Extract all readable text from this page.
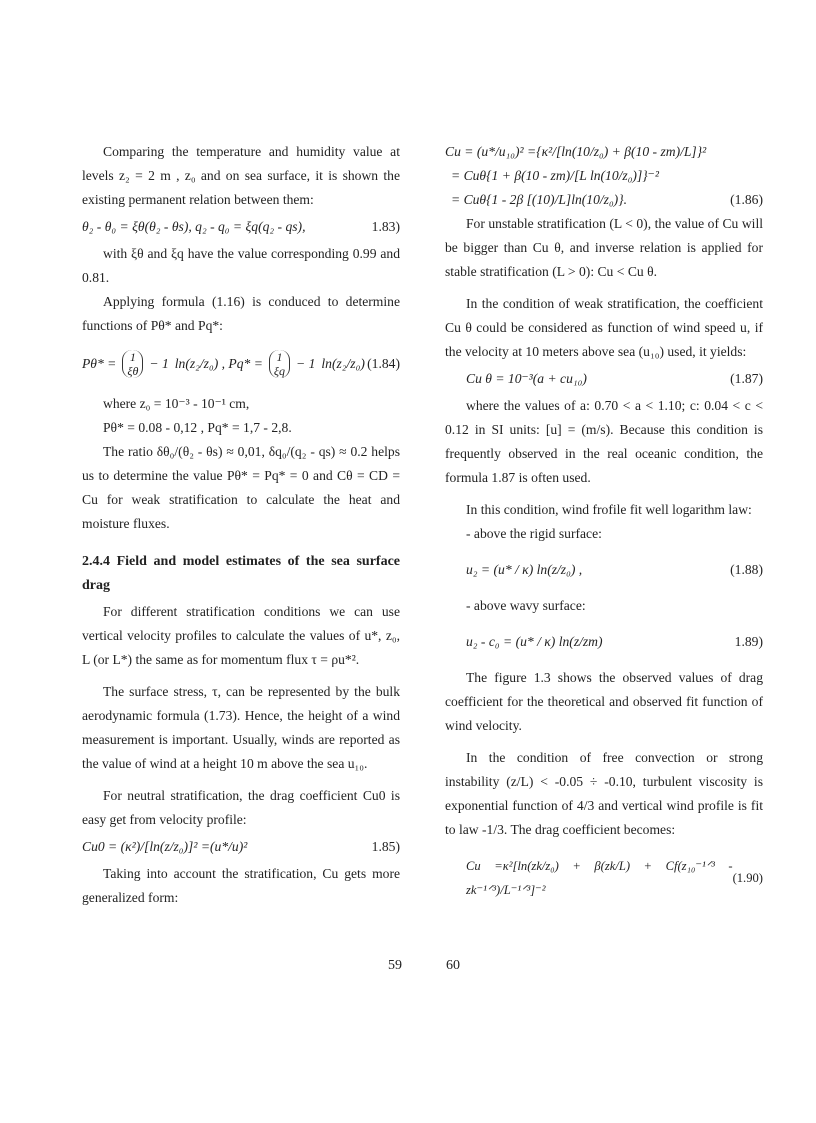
Comparing the temperature and humidity value at levels z₂ = 2 m , z₀ and on sea surface, it is shown the existing permanent relation between them:

θ₂ - θ₀ = ξθ(θ₂ - θs), q₂ - q₀ = ξq(q₂ - qs),	1.83)

with ξθ and ξq have the value corresponding 0.99 and 0.81.

Applying formula (1.16) is conduced to determine functions of Pθ* and Pq*:

Pθ* = 1
ξθ − 1 ln(z₂/z₀) , Pq* = 1
ξq − 1 ln(z₂/z₀) (1.84)

where z₀ = 10⁻³ - 10⁻¹ cm,

Pθ* = 0.08 - 0,12 , Pq* = 1,7 - 2,8.

The ratio δθ₀/(θ₂ - θs) ≈ 0,01, δq₀/(q₂ - qs) ≈ 0.2 helps us to determine the value Pθ* = Pq* = 0 and Cθ = CD = Cu for weak stratification to calculate the heat and moisture fluxes.

2.4.4 Field and model estimates of the sea surface drag

For different stratification conditions we can use vertical velocity profiles to calculate the values of u*, z₀, L (or L*) the same as for momentum flux τ = ρu*².

The surface stress, τ, can be represented by the bulk aerodynamic formula (1.73). Hence, the height of a wind measurement is important. Usually, winds are reported as the value of wind at a height 10 m above the sea u₁₀.

For neutral stratification, the drag coefficient Cu0 is easy get from velocity profile:

Cu0 = (κ²)/[ln(z/z₀)]² =(u*/u)²	1.85)

Taking into account the stratification, Cu gets more generalized form:

Cu = (u*/u₁₀)² ={κ²/[ln(10/z₀) + β(10 - zm)/L]}²
= Cuθ{1 + β(10 - zm)/[L ln(10/z₀)]}⁻²
= Cuθ{1 - 2β [(10)/L]ln(10/z₀)}.	(1.86)

For unstable stratification (L < 0), the value of Cu will be bigger than Cu θ, and inverse relation is applied for stable stratification (L > 0): Cu < Cu θ.

In the condition of weak stratification, the coefficient Cu θ could be considered as function of wind speed u, if the velocity at 10 meters above sea (u₁₀) used, it yields:

Cu θ = 10⁻³(a + cu₁₀)	(1.87)

where the values of a: 0.70 < a < 1.10; c: 0.04 < c < 0.12 in SI units: [u] = (m/s). Because this condition is frequently observed in the real oceanic condition, the formula 1.87 is often used.

In this condition, wind frofile fit well logarithm law:

- above the rigid surface:

u₂ = (u* / κ) ln(z/z₀) ,	(1.88)

- above wavy surface:

u₂ - c₀ = (u* / κ) ln(z/zm)	1.89)

The figure 1.3 shows the observed values of drag coefficient for the theoretical and observed fit function of wind velocity.

In the condition of free convection or strong instability (z/L) < -0.05 ÷ -0.10, turbulent viscosity is exponential function of 4/3 and vertical wind profile is fit to law -1/3. The drag coefficient becomes:

Cu =κ²[ln(zk/z₀) + β(zk/L) + Cf(z₁₀⁻¹ᐟ³ - zk⁻¹ᐟ³)/L⁻¹ᐟ³]⁻²
(1.90)
59	60
